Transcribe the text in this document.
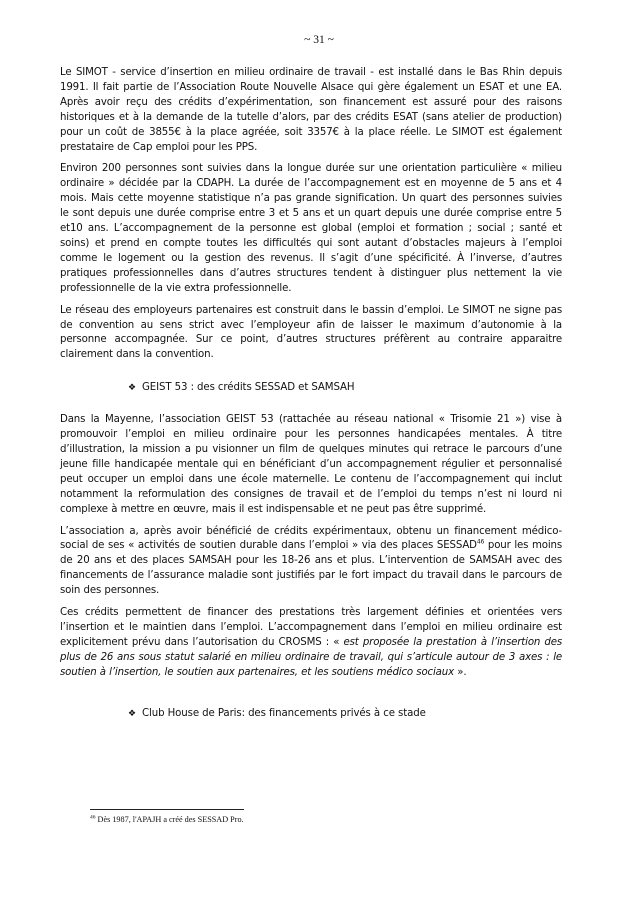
~ 31 ~

Le SIMOT - service d’insertion en milieu ordinaire de travail - est installé dans le Bas Rhin depuis 1991. Il fait partie de l’Association Route Nouvelle Alsace qui gère également un ESAT et une EA. Après avoir reçu des crédits d’expérimentation, son financement est assuré pour des raisons historiques et à la demande de la tutelle d’alors, par des crédits ESAT (sans atelier de production) pour un coût de 3855€ à la place agréée, soit 3357€ à la place réelle. Le SIMOT est également prestataire de Cap emploi pour les PPS.

Environ 200 personnes sont suivies dans la longue durée sur une orientation particulière « milieu ordinaire » décidée par la CDAPH. La durée de l’accompagnement est en moyenne de 5 ans et 4 mois. Mais cette moyenne statistique n’a pas grande signification. Un quart des personnes suivies le sont depuis une durée comprise entre 3 et 5 ans et un quart depuis une durée comprise entre 5 et10 ans. L’accompagnement de la personne est global (emploi et formation ; social ; santé et soins) et prend en compte toutes les difficultés qui sont autant d’obstacles majeurs à l’emploi comme le logement ou la gestion des revenus. Il s’agit d’une spécificité. À l’inverse, d’autres pratiques professionnelles dans d’autres structures tendent à distinguer plus nettement la vie professionnelle de la vie extra professionnelle.

Le réseau des employeurs partenaires est construit dans le bassin d’emploi. Le SIMOT ne signe pas de convention au sens strict avec l’employeur afin de laisser le maximum d’autonomie à la personne accompagnée. Sur ce point, d’autres structures préfèrent au contraire apparaitre clairement dans la convention.

❖ GEIST 53 : des crédits SESSAD et SAMSAH

Dans la Mayenne, l’association GEIST 53 (rattachée au réseau national « Trisomie 21 ») vise à promouvoir l’emploi en milieu ordinaire pour les personnes handicapées mentales. À titre d’illustration, la mission a pu visionner un film de quelques minutes qui retrace le parcours d’une jeune fille handicapée mentale qui en bénéficiant d’un accompagnement régulier et personnalisé peut occuper un emploi dans une école maternelle. Le contenu de l’accompagnement qui inclut notamment la reformulation des consignes de travail et de l’emploi du temps n’est ni lourd ni complexe à mettre en œuvre, mais il est indispensable et ne peut pas être supprimé.

L’association a, après avoir bénéficié de crédits expérimentaux, obtenu un financement médico-social de ses « activités de soutien durable dans l’emploi » via des places SESSAD$^{46}$ pour les moins de 20 ans et des places SAMSAH pour les 18-26 ans et plus. L’intervention de SAMSAH avec des financements de l’assurance maladie sont justifiés par le fort impact du travail dans le parcours de soin des personnes.

Ces crédits permettent de financer des prestations très largement définies et orientées vers l’insertion et le maintien dans l’emploi. L’accompagnement dans l’emploi en milieu ordinaire est explicitement prévu dans l’autorisation du CROSMS : « est proposée la prestation à l’insertion des plus de 26 ans sous statut salarié en milieu ordinaire de travail, qui s’articule autour de 3 axes : le soutien à l’insertion, le soutien aux partenaires, et les soutiens médico sociaux ».

❖ Club House de Paris: des financements privés à ce stade
$^{46}$ Dès 1987, l'APAJH a créé des SESSAD Pro.
